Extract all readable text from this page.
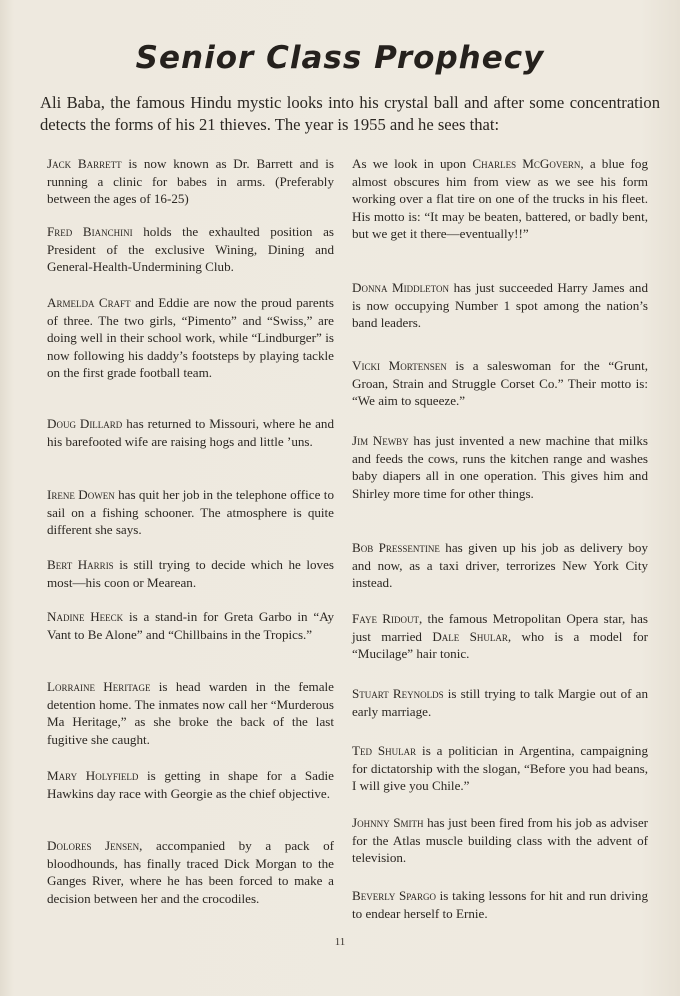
Senior Class Prophecy
Ali Baba, the famous Hindu mystic looks into his crystal ball and after some concentration detects the forms of his 21 thieves. The year is 1955 and he sees that:
Jack Barrett is now known as Dr. Barrett and is running a clinic for babes in arms. (Preferably between the ages of 16-25)
Fred Bianchini holds the exhaulted position as President of the exclusive Wining, Dining and General-Health-Undermining Club.
Armelda Craft and Eddie are now the proud parents of three. The two girls, “Pimento” and “Swiss,” are doing well in their school work, while “Lindburger” is now following his daddy’s footsteps by playing tackle on the first grade football team.
Doug Dillard has returned to Missouri, where he and his barefooted wife are raising hogs and little ’uns.
Irene Dowen has quit her job in the telephone office to sail on a fishing schooner. The atmosphere is quite different she says.
Bert Harris is still trying to decide which he loves most—his coon or Mearean.
Nadine Heeck is a stand-in for Greta Garbo in “Ay Vant to Be Alone” and “Chillbains in the Tropics.”
Lorraine Heritage is head warden in the female detention home. The inmates now call her “Murderous Ma Heritage,” as she broke the back of the last fugitive she caught.
Mary Holyfield is getting in shape for a Sadie Hawkins day race with Georgie as the chief objective.
Dolores Jensen, accompanied by a pack of bloodhounds, has finally traced Dick Morgan to the Ganges River, where he has been forced to make a decision between her and the crocodiles.
As we look in upon Charles McGovern, a blue fog almost obscures him from view as we see his form working over a flat tire on one of the trucks in his fleet. His motto is: “It may be beaten, battered, or badly bent, but we get it there—eventually!!”
Donna Middleton has just succeeded Harry James and is now occupying Number 1 spot among the nation’s band leaders.
Vicki Mortensen is a saleswoman for the “Grunt, Groan, Strain and Struggle Corset Co.” Their motto is: “We aim to squeeze.”
Jim Newby has just invented a new machine that milks and feeds the cows, runs the kitchen range and washes baby diapers all in one operation. This gives him and Shirley more time for other things.
Bob Pressentine has given up his job as delivery boy and now, as a taxi driver, terrorizes New York City instead.
Faye Ridout, the famous Metropolitan Opera star, has just married Dale Shular, who is a model for “Mucilage” hair tonic.
Stuart Reynolds is still trying to talk Margie out of an early marriage.
Ted Shular is a politician in Argentina, campaigning for dictatorship with the slogan, “Before you had beans, I will give you Chile.”
Johnny Smith has just been fired from his job as adviser for the Atlas muscle building class with the advent of television.
Beverly Spargo is taking lessons for hit and run driving to endear herself to Ernie.
11
